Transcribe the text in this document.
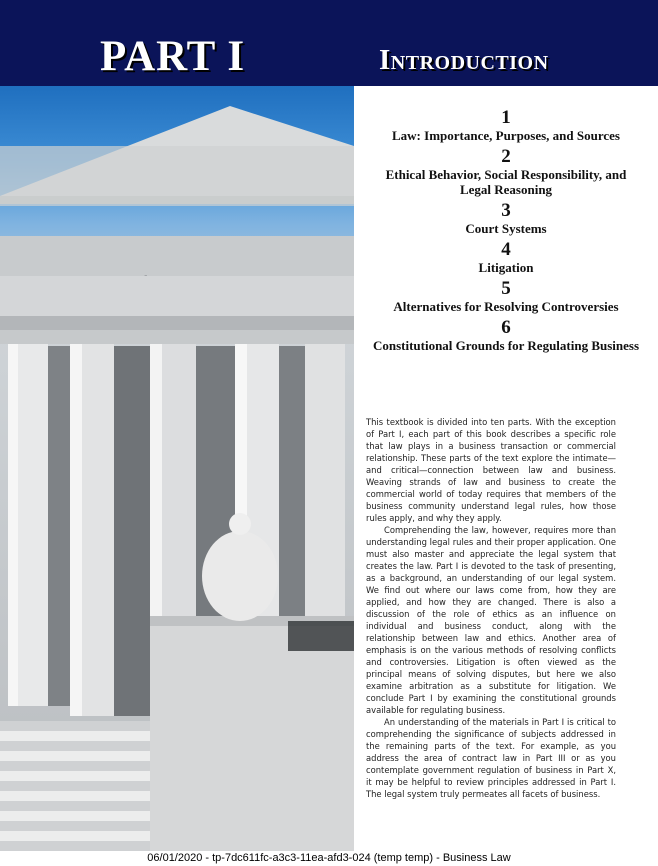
PART I	Introduction
1
Law: Importance, Purposes, and Sources
2
Ethical Behavior, Social Responsibility, and Legal Reasoning
3
Court Systems
4
Litigation
5
Alternatives for Resolving Controversies
6
Constitutional Grounds for Regulating Business

This textbook is divided into ten parts. With the exception of Part I, each part of this book describes a specific role that law plays in a business transaction or commercial relationship. These parts of the text explore the intimate—and critical—connection between law and business. Weaving strands of law and business to create the commercial world of today requires that members of the business community understand legal rules, how those rules apply, and why they apply.

Comprehending the law, however, requires more than understanding legal rules and their proper application. One must also master and appreciate the legal system that creates the law. Part I is devoted to the task of presenting, as a background, an understanding of our legal system. We find out where our laws come from, how they are applied, and how they are changed. There is also a discussion of the role of ethics as an influence on individual and business conduct, along with the relationship between law and ethics. Another area of emphasis is on the various methods of resolving conflicts and controversies. Litigation is often viewed as the principal means of solving disputes, but here we also examine arbitration as a substitute for litigation. We conclude Part I by examining the constitutional grounds available for regulating business.

An understanding of the materials in Part I is critical to comprehending the significance of subjects addressed in the remaining parts of the text. For example, as you address the area of contract law in Part III or as you contemplate government regulation of business in Part X, it may be helpful to review principles addressed in Part I. The legal system truly permeates all facets of business.

06/01/2020 - tp-7dc611fc-a3c3-11ea-afd3-024 (temp temp) - Business Law
